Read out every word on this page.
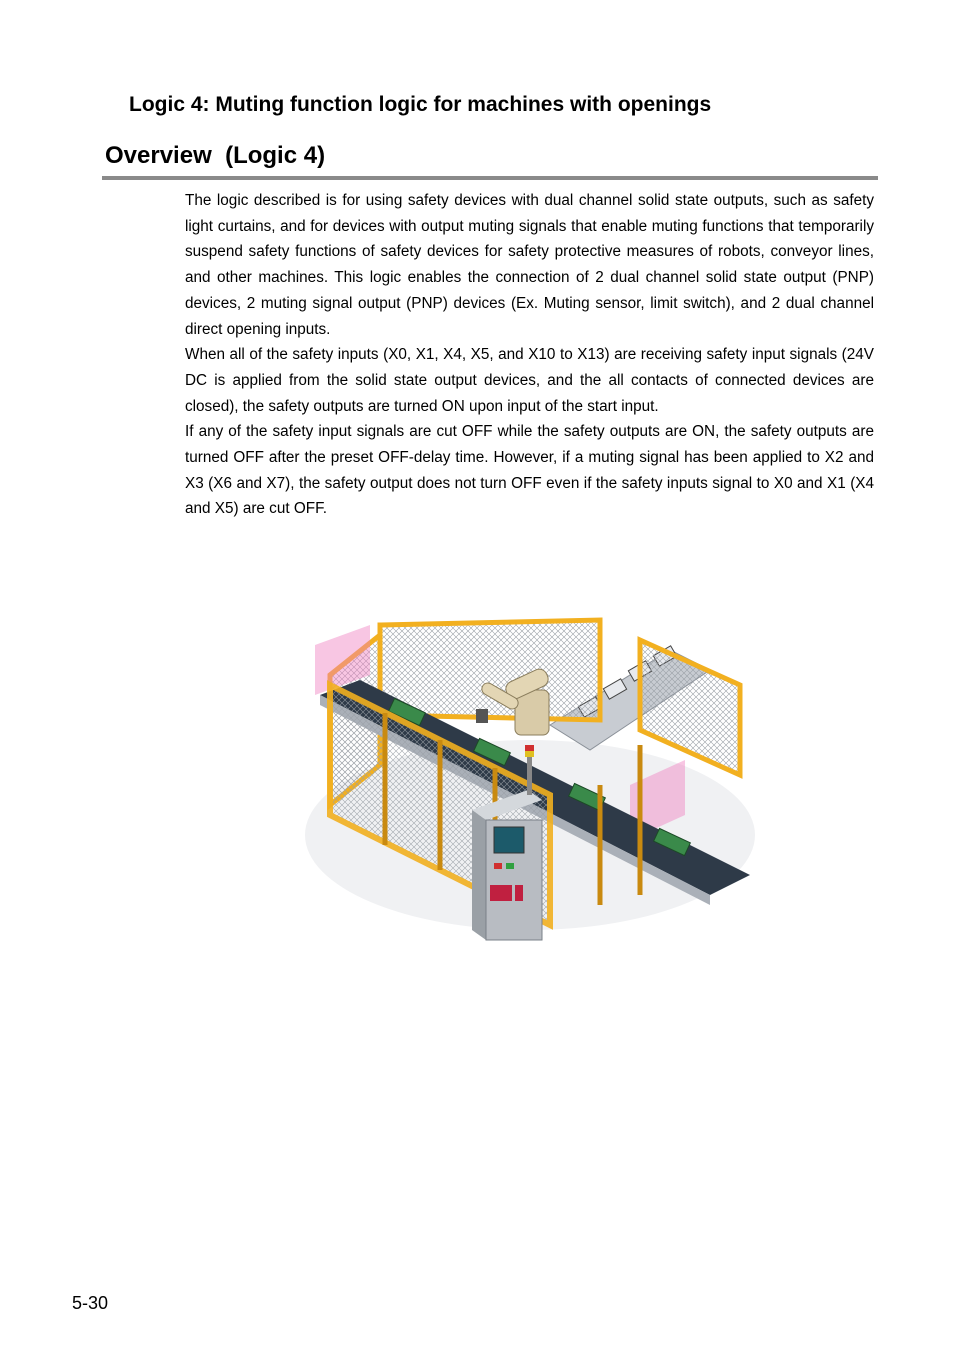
Logic 4: Muting function logic for machines with openings
Overview  (Logic 4)

The logic described is for using safety devices with dual channel solid state outputs, such as safety light curtains, and for devices with output muting signals that enable muting functions that temporarily suspend safety functions of safety devices for safety protective measures of robots, conveyor lines, and other machines. This logic enables the connection of 2 dual channel solid state output (PNP) devices, 2 muting signal output (PNP) devices (Ex. Muting sensor, limit switch), and 2 dual channel direct opening inputs.

When all of the safety inputs (X0, X1, X4, X5, and X10 to X13) are receiving safety input signals (24V DC is applied from the solid state output devices, and the all contacts of connected devices are closed), the safety outputs are turned ON upon input of the start input.

If any of the safety input signals are cut OFF while the safety outputs are ON, the safety outputs are turned OFF after the preset OFF-delay time. However, if a muting signal has been applied to X2 and X3 (X6 and X7), the safety output does not turn OFF even if the safety inputs signal to X0 and X1 (X4 and X5) are cut OFF.

5-30
